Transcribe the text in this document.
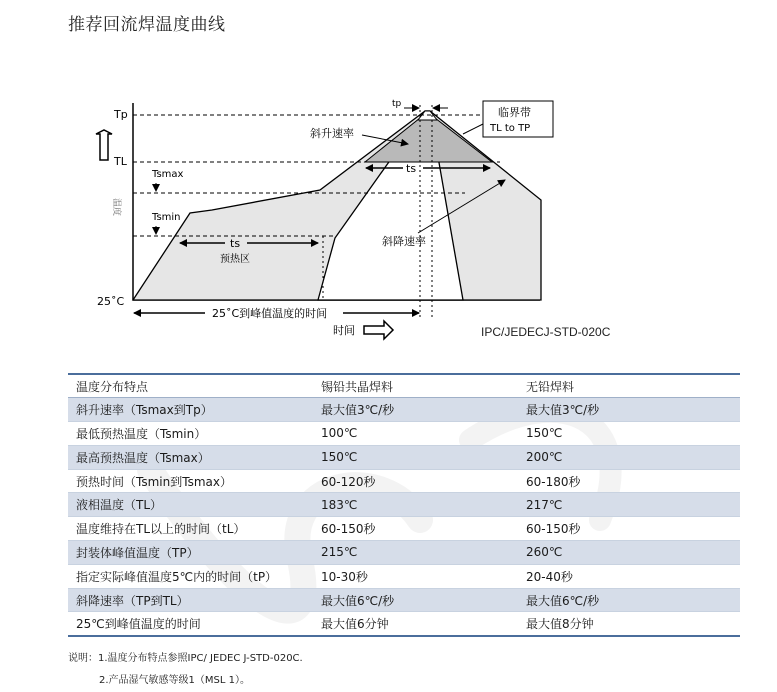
推荐回流焊温度曲线
Tp
TL
Tsmax
Tsmin
25˚C
温度
斜升速率
斜降速率
ts
ts
预热区
tp
临界带
TL to TP
25˚C到峰值温度的时间
时间	IPC/JEDECJ-STD-020C
温度分布特点	锡铅共晶焊料	无铅焊料
斜升速率（Tsmax到Tp）	最大值3℃/秒	最大值3℃/秒
最低预热温度（Tsmin）	100℃	150℃
最高预热温度（Tsmax）	150℃	200℃
预热时间（Tsmin到Tsmax）	60-120秒	60-180秒
液相温度（TL）	183℃	217℃
温度维持在TL以上的时间（tL）	60-150秒	60-150秒
封装体峰值温度（TP）	215℃	260℃
指定实际峰值温度5℃内的时间（tP）	10-30秒	20-40秒
斜降速率（TP到TL）	最大值6℃/秒	最大值6℃/秒
25℃到峰值温度的时间	最大值6分钟	最大值8分钟
说明：1.温度分布特点参照IPC/ JEDEC J-STD-020C.
2.产品湿气敏感等级1（MSL 1）。
